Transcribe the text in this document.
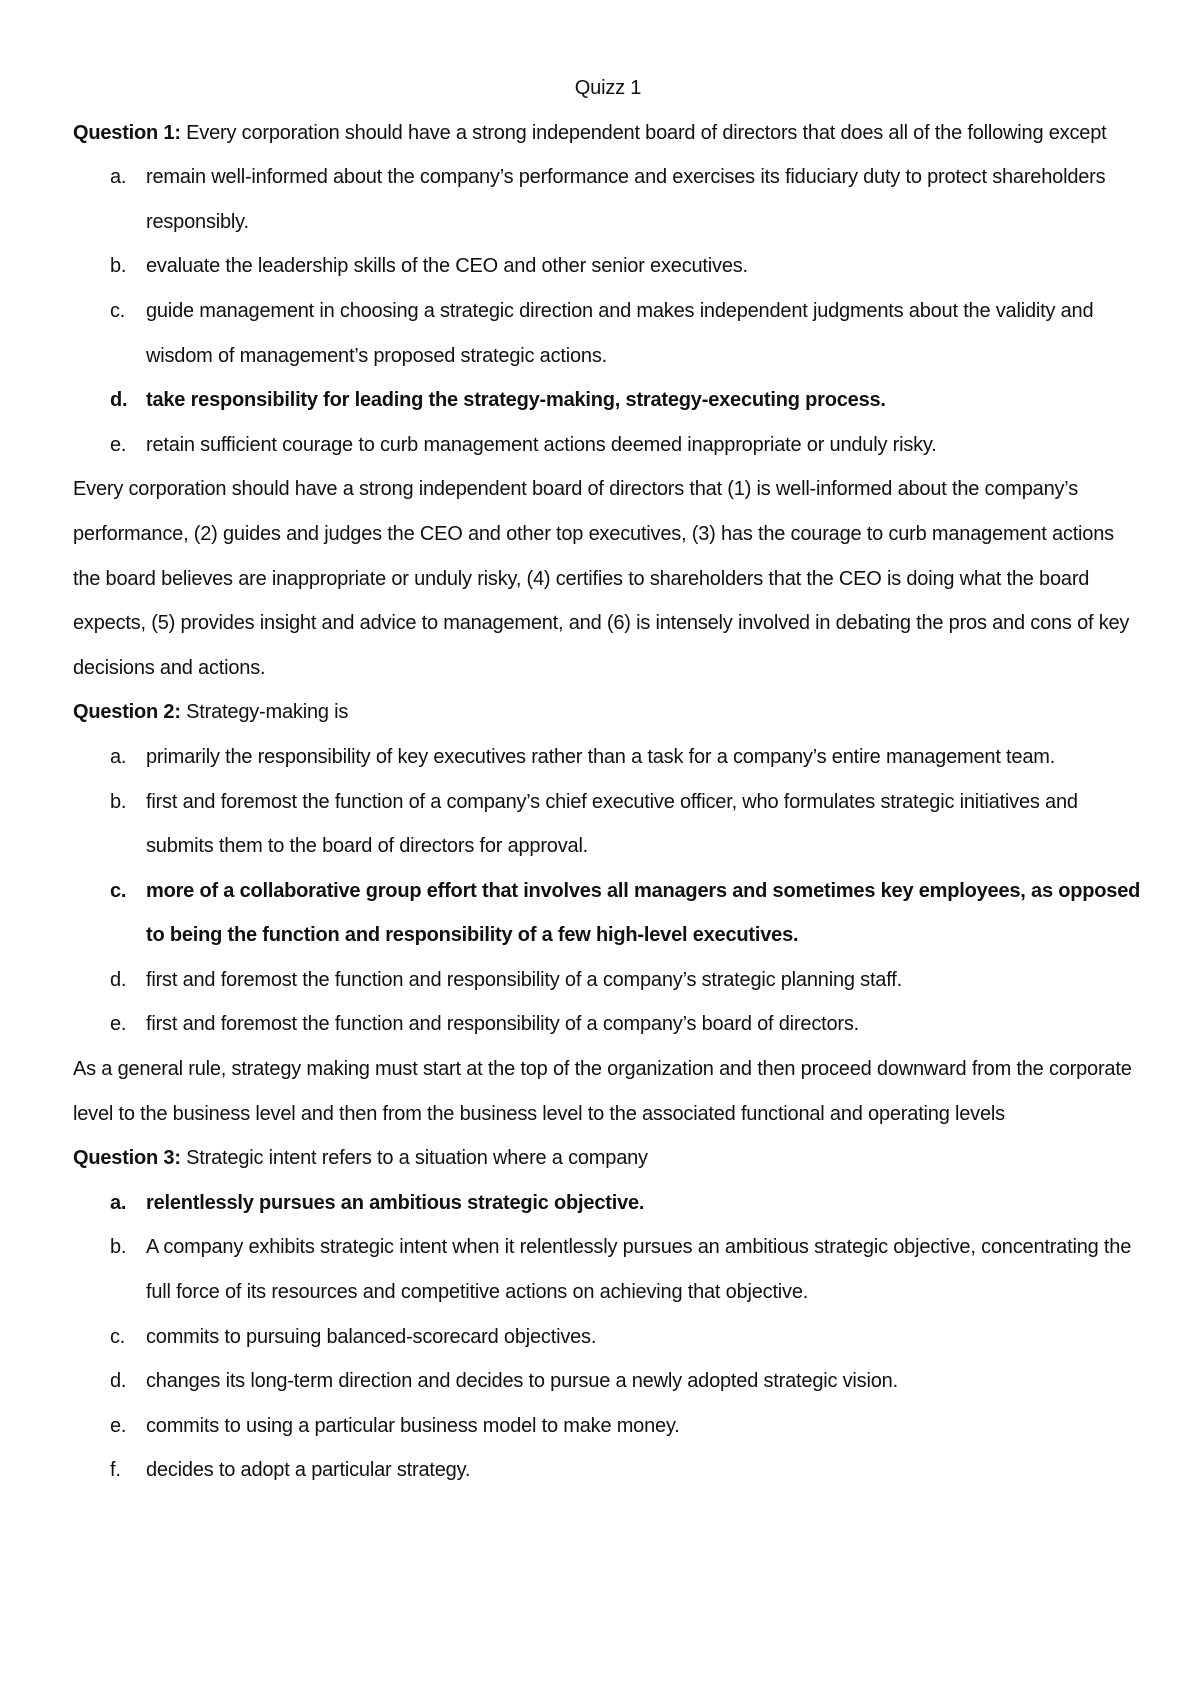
Quizz 1

Question 1: Every corporation should have a strong independent board of directors that does all of the following except

a. remain well-informed about the company’s performance and exercises its fiduciary duty to protect shareholders responsibly.
b. evaluate the leadership skills of the CEO and other senior executives.
c. guide management in choosing a strategic direction and makes independent judgments about the validity and wisdom of management’s proposed strategic actions.
d. take responsibility for leading the strategy-making, strategy-executing process.
e. retain sufficient courage to curb management actions deemed inappropriate or unduly risky.

Every corporation should have a strong independent board of directors that (1) is well-informed about the company’s performance, (2) guides and judges the CEO and other top executives, (3) has the courage to curb management actions the board believes are inappropriate or unduly risky, (4) certifies to shareholders that the CEO is doing what the board expects, (5) provides insight and advice to management, and (6) is intensely involved in debating the pros and cons of key decisions and actions.

Question 2: Strategy-making is

a. primarily the responsibility of key executives rather than a task for a company’s entire management team.
b. first and foremost the function of a company’s chief executive officer, who formulates strategic initiatives and submits them to the board of directors for approval.
c. more of a collaborative group effort that involves all managers and sometimes key employees, as opposed to being the function and responsibility of a few high-level executives.
d. first and foremost the function and responsibility of a company’s strategic planning staff.
e. first and foremost the function and responsibility of a company’s board of directors.

As a general rule, strategy making must start at the top of the organization and then proceed downward from the corporate level to the business level and then from the business level to the associated functional and operating levels

Question 3: Strategic intent refers to a situation where a company

a. relentlessly pursues an ambitious strategic objective.
b. A company exhibits strategic intent when it relentlessly pursues an ambitious strategic objective, concentrating the full force of its resources and competitive actions on achieving that objective.
c. commits to pursuing balanced-scorecard objectives.
d. changes its long-term direction and decides to pursue a newly adopted strategic vision.
e. commits to using a particular business model to make money.
f. decides to adopt a particular strategy.
